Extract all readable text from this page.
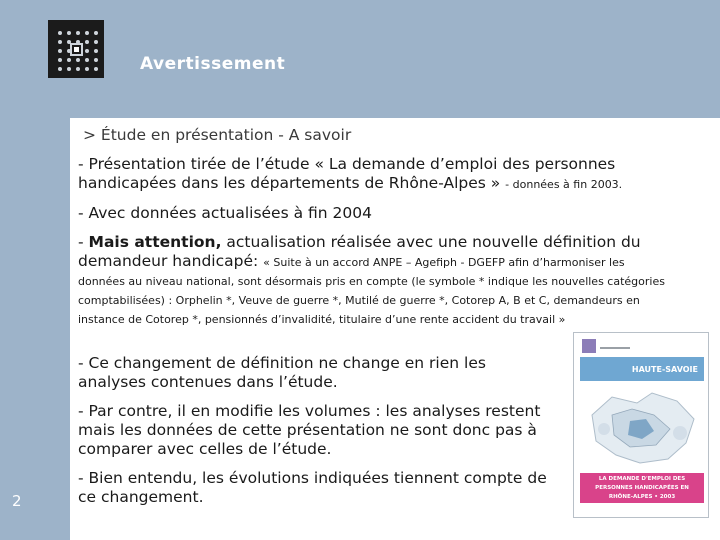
Avertissement
> Étude en présentation - A savoir
- Présentation tirée de l’étude « La demande d’emploi des personnes handicapées dans les départements de Rhône-Alpes » - données à fin 2003.
- Avec données actualisées à fin 2004
- Mais attention, actualisation réalisée avec une nouvelle définition du demandeur handicapé: « Suite à un accord ANPE – Agefiph - DGEFP afin d’harmoniser les données au niveau national, sont désormais pris en compte (le symbole * indique les nouvelles catégories comptabilisées) : Orphelin *, Veuve de guerre *, Mutilé de guerre *, Cotorep A, B et C, demandeurs en instance de Cotorep *, pensionnés d’invalidité, titulaire d’une rente accident du travail »
- Ce changement de définition ne change en rien les analyses contenues dans l’étude.
- Par contre, il en modifie les volumes : les analyses restent mais les données de cette présentation ne sont donc pas à comparer avec celles de l’étude.
- Bien entendu, les évolutions indiquées tiennent compte de ce changement.
HAUTE-SAVOIE
LA DEMANDE D'EMPLOI DES PERSONNES HANDICAPÉES EN RHÔNE-ALPES • 2003
2
